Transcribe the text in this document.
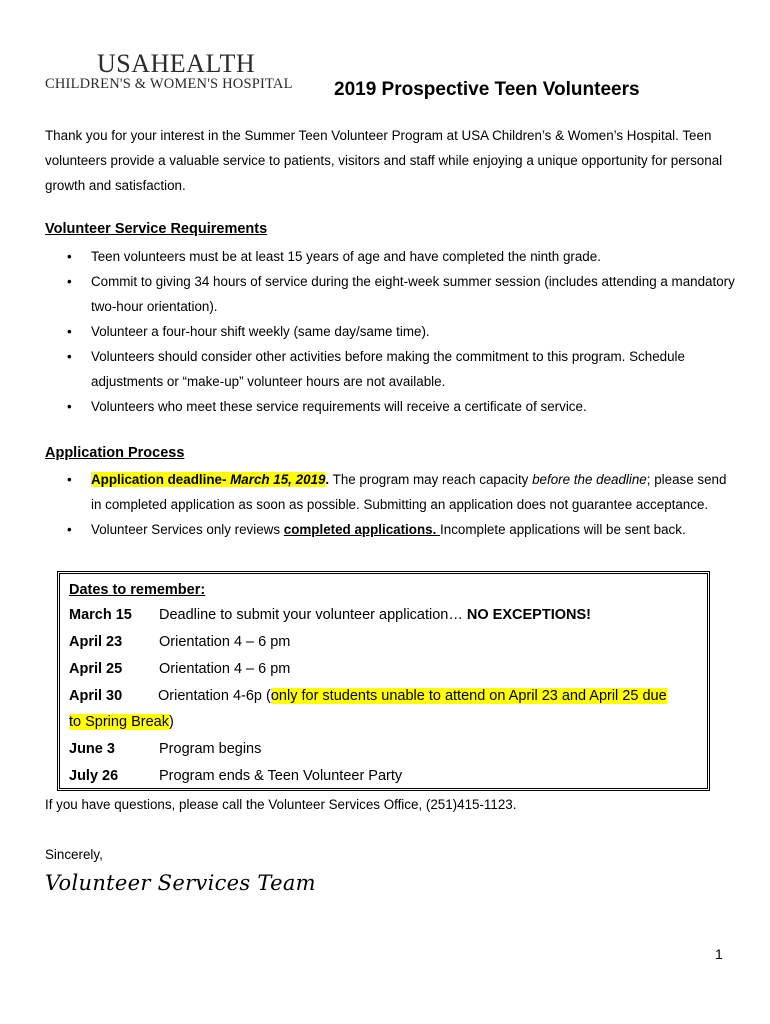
USAHEALTH
CHILDREN'S & WOMEN'S HOSPITAL 2019 Prospective Teen Volunteers
Thank you for your interest in the Summer Teen Volunteer Program at USA Children’s & Women’s Hospital. Teen volunteers provide a valuable service to patients, visitors and staff while enjoying a unique opportunity for personal growth and satisfaction.
Volunteer Service Requirements
• Teen volunteers must be at least 15 years of age and have completed the ninth grade.
• Commit to giving 34 hours of service during the eight-week summer session (includes attending a mandatory two-hour orientation).
• Volunteer a four-hour shift weekly (same day/same time).
• Volunteers should consider other activities before making the commitment to this program. Schedule adjustments or “make-up” volunteer hours are not available.
• Volunteers who meet these service requirements will receive a certificate of service.
Application Process
• Application deadline- March 15, 2019. The program may reach capacity before the deadline; please send in completed application as soon as possible. Submitting an application does not guarantee acceptance.
• Volunteer Services only reviews completed applications. Incomplete applications will be sent back.
Dates to remember:
March 15 Deadline to submit your volunteer application… NO EXCEPTIONS!
April 23	Orientation 4 – 6 pm
April 25	Orientation 4 – 6 pm
April 30 Orientation 4-6p (only for students unable to attend on April 23 and April 25 due
to Spring Break)
June 3	Program begins
July 26	Program ends & Teen Volunteer Party
If you have questions, please call the Volunteer Services Office, (251)415-1123.
Sincerely,
Volunteer Services Team
1
